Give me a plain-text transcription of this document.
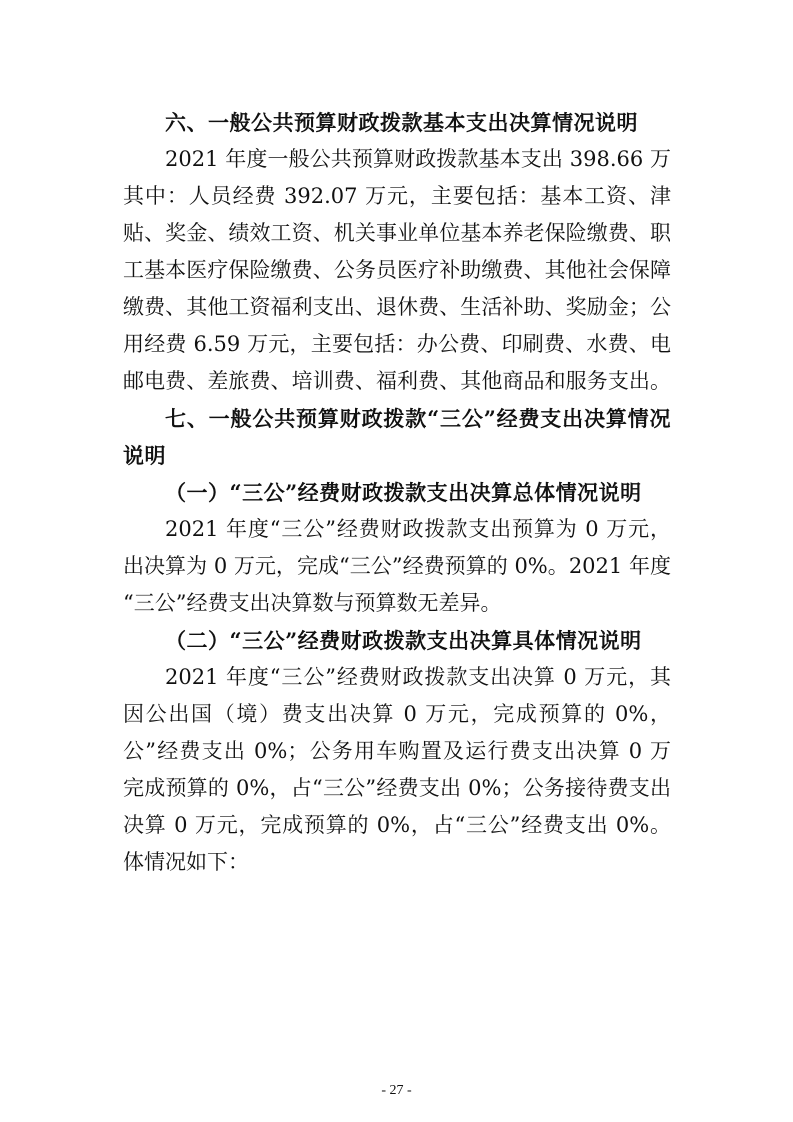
六、一般公共预算财政拨款基本支出决算情况说明
2021 年度一般公共预算财政拨款基本支出 398.66 万
其中：人员经费 392.07 万元，主要包括：基本工资、津
贴、奖金、绩效工资、机关事业单位基本养老保险缴费、职
工基本医疗保险缴费、公务员医疗补助缴费、其他社会保障
缴费、其他工资福利支出、退休费、生活补助、奖励金；公
用经费 6.59 万元，主要包括：办公费、印刷费、水费、电
邮电费、差旅费、培训费、福利费、其他商品和服务支出。
七、一般公共预算财政拨款“三公”经费支出决算情况
说明
（一）“三公”经费财政拨款支出决算总体情况说明
2021 年度“三公”经费财政拨款支出预算为 0 万元，
出决算为 0 万元，完成“三公”经费预算的 0%。2021 年度
“三公”经费支出决算数与预算数无差异。
（二）“三公”经费财政拨款支出决算具体情况说明
2021 年度“三公”经费财政拨款支出决算 0 万元，其
因公出国（境）费支出决算 0 万元，完成预算的 0%，
公”经费支出 0%；公务用车购置及运行费支出决算 0 万
完成预算的 0%，占“三公”经费支出 0%；公务接待费支出
决算 0 万元，完成预算的 0%，占“三公”经费支出 0%。
体情况如下：
- 27 -
